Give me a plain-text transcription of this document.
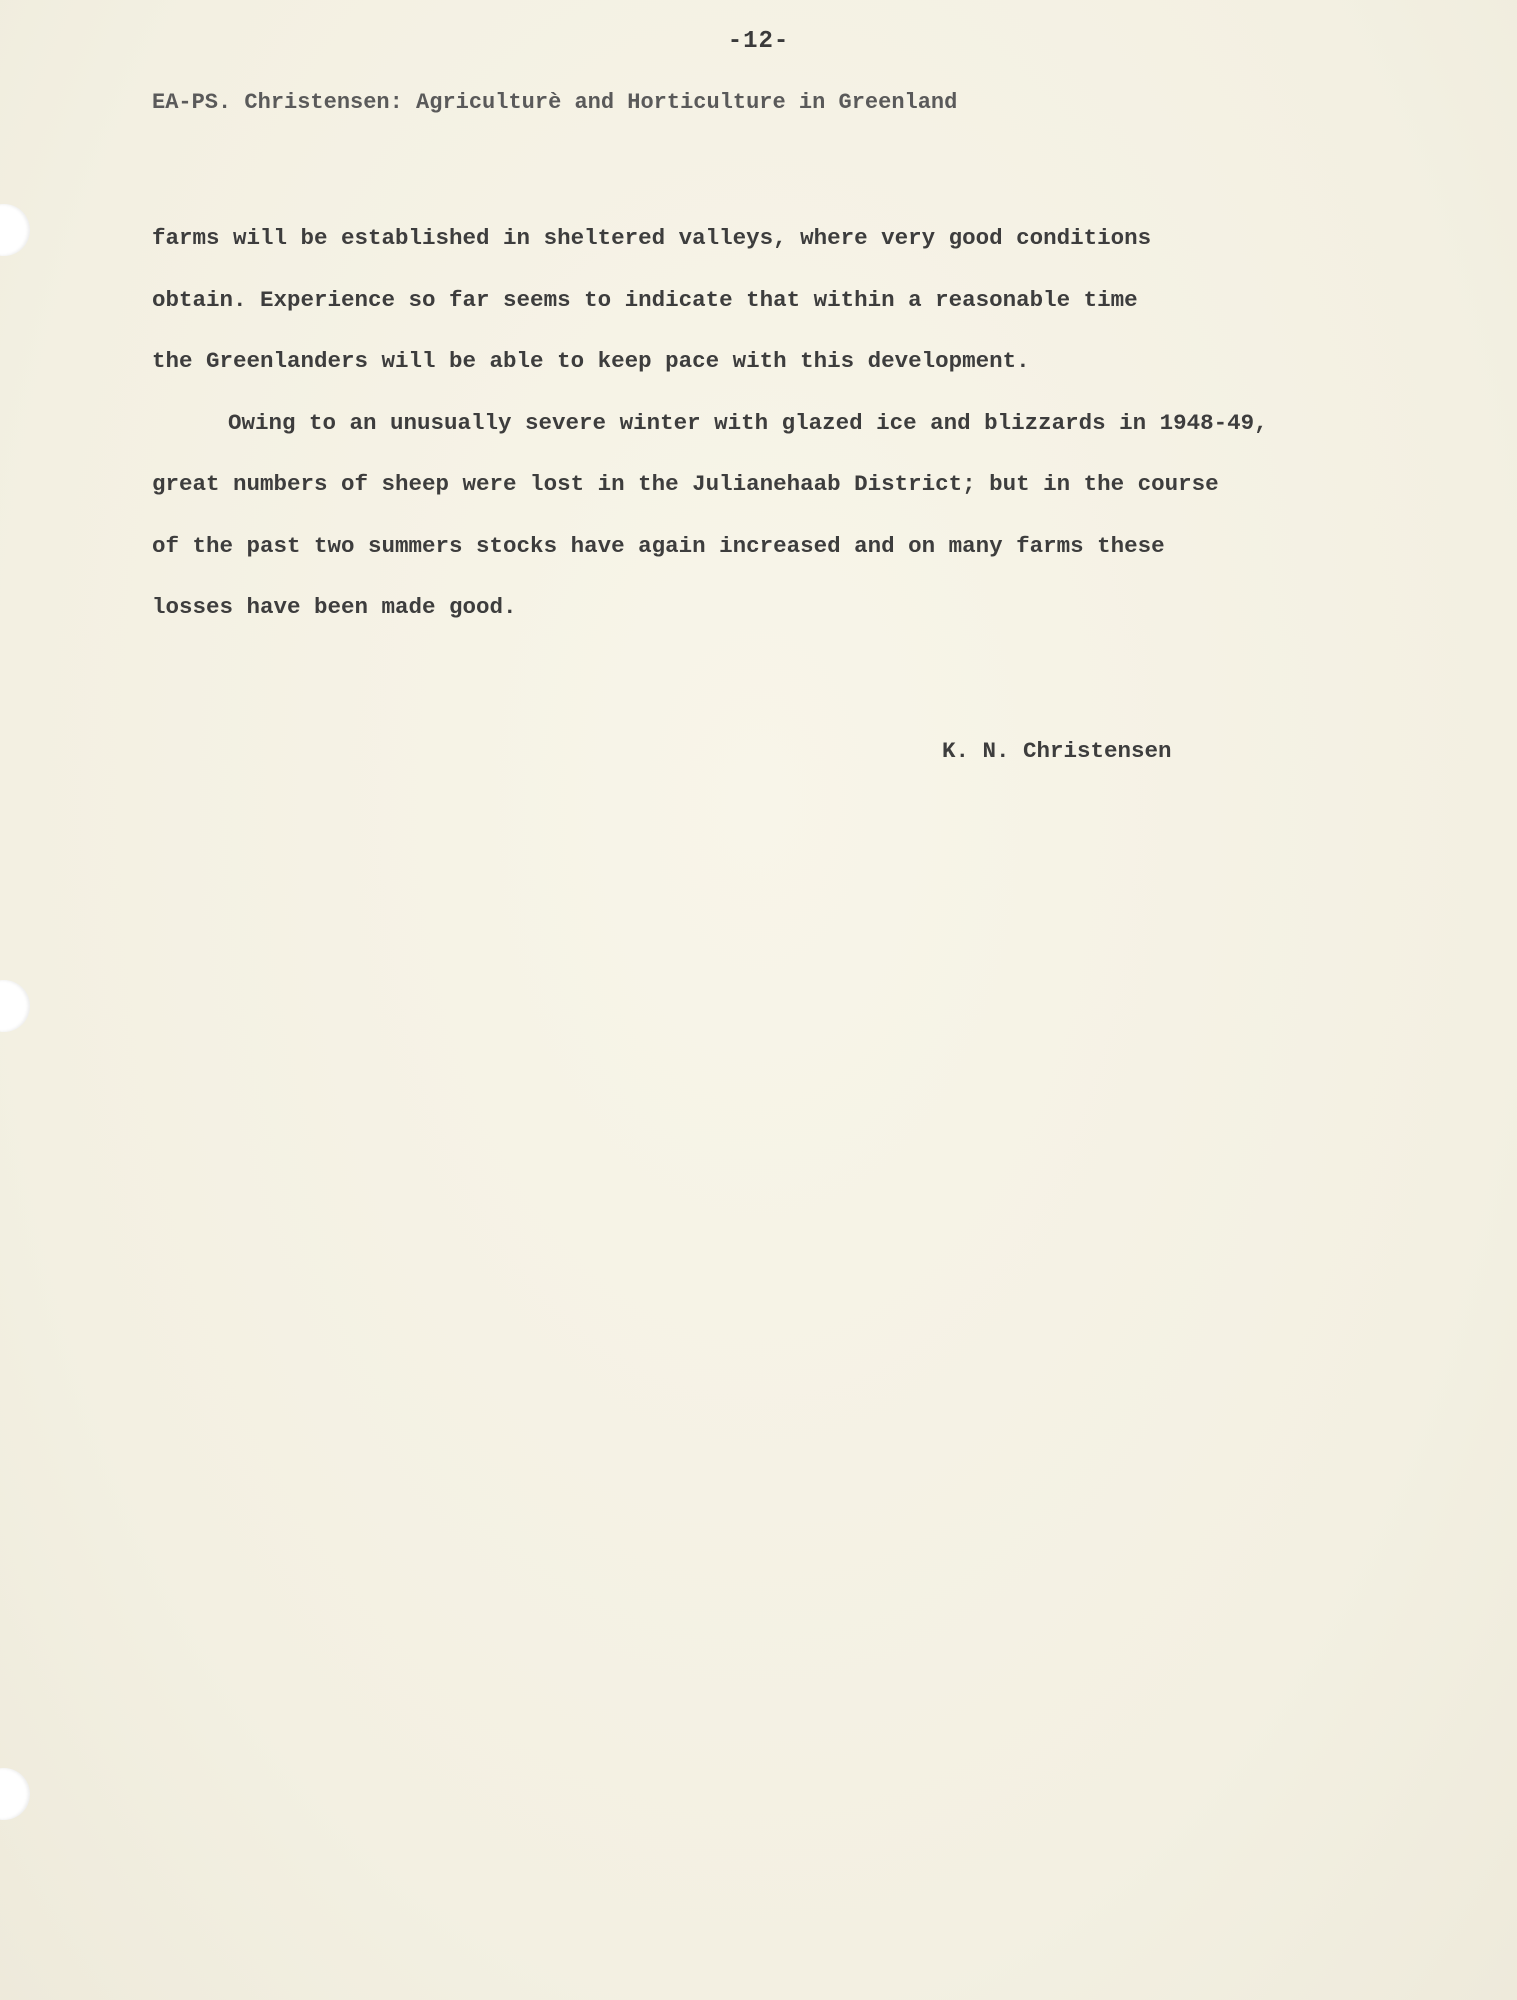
-12-
EA-PS. Christensen: Agriculturè and Horticulture in Greenland
farms will be established in sheltered valleys, where very good conditions
obtain. Experience so far seems to indicate that within a reasonable time
the Greenlanders will be able to keep pace with this development.
Owing to an unusually severe winter with glazed ice and blizzards in 1948-49,
great numbers of sheep were lost in the Julianehaab District; but in the course
of the past two summers stocks have again increased and on many farms these
losses have been made good.
K. N. Christensen
